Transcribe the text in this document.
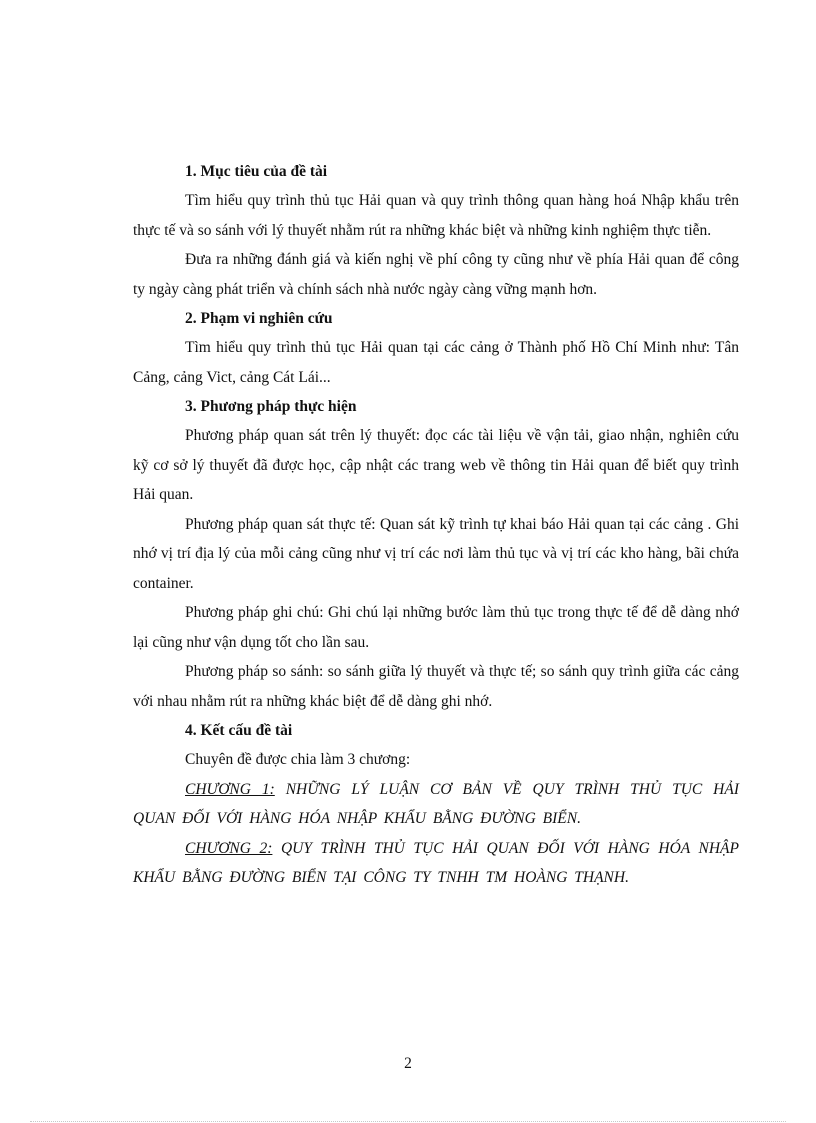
1. Mục tiêu của đề tài

Tìm hiểu quy trình thủ tục Hải quan và quy trình thông quan hàng hoá Nhập khẩu trên thực tế và so sánh với lý thuyết nhằm rút ra những khác biệt và những kinh nghiệm thực tiễn.

Đưa ra những đánh giá và kiến nghị về phí công ty cũng như về phía Hải quan để công ty ngày càng phát triển và chính sách nhà nước ngày càng vững mạnh hơn.

2. Phạm vi nghiên cứu

Tìm hiểu quy trình thủ tục Hải quan tại các cảng ở Thành phố Hồ Chí Minh như: Tân Cảng, cảng Vict, cảng Cát Lái...

3. Phương pháp thực hiện

Phương pháp quan sát trên lý thuyết: đọc các tài liệu về vận tải, giao nhận, nghiên cứu kỹ cơ sở lý thuyết đã được học, cập nhật các trang web về thông tin Hải quan để biết quy trình Hải quan.

Phương pháp quan sát thực tế: Quan sát kỹ trình tự khai báo Hải quan tại các cảng . Ghi nhớ vị trí địa lý của mỗi cảng cũng như vị trí các nơi làm thủ tục và vị trí các kho hàng, bãi chứa container.

Phương pháp ghi chú: Ghi chú lại những bước làm thủ tục trong thực tế để dễ dàng nhớ lại cũng như vận dụng tốt cho lần sau.

Phương pháp so sánh: so sánh giữa lý thuyết và thực tế; so sánh quy trình giữa các cảng với nhau nhằm rút ra những khác biệt để dễ dàng ghi nhớ.

4. Kết cấu đề tài

Chuyên đề được chia làm 3 chương:

CHƯƠNG 1: NHỮNG LÝ LUẬN CƠ BẢN VỀ QUY TRÌNH THỦ TỤC HẢI QUAN ĐỐI VỚI HÀNG HÓA NHẬP KHẨU BẰNG ĐƯỜNG BIỂN.

CHƯƠNG 2: QUY TRÌNH THỦ TỤC HẢI QUAN ĐỐI VỚI HÀNG HÓA NHẬP KHẨU BẰNG ĐƯỜNG BIỂN TẠI CÔNG TY TNHH TM HOÀNG THẠNH.

2
